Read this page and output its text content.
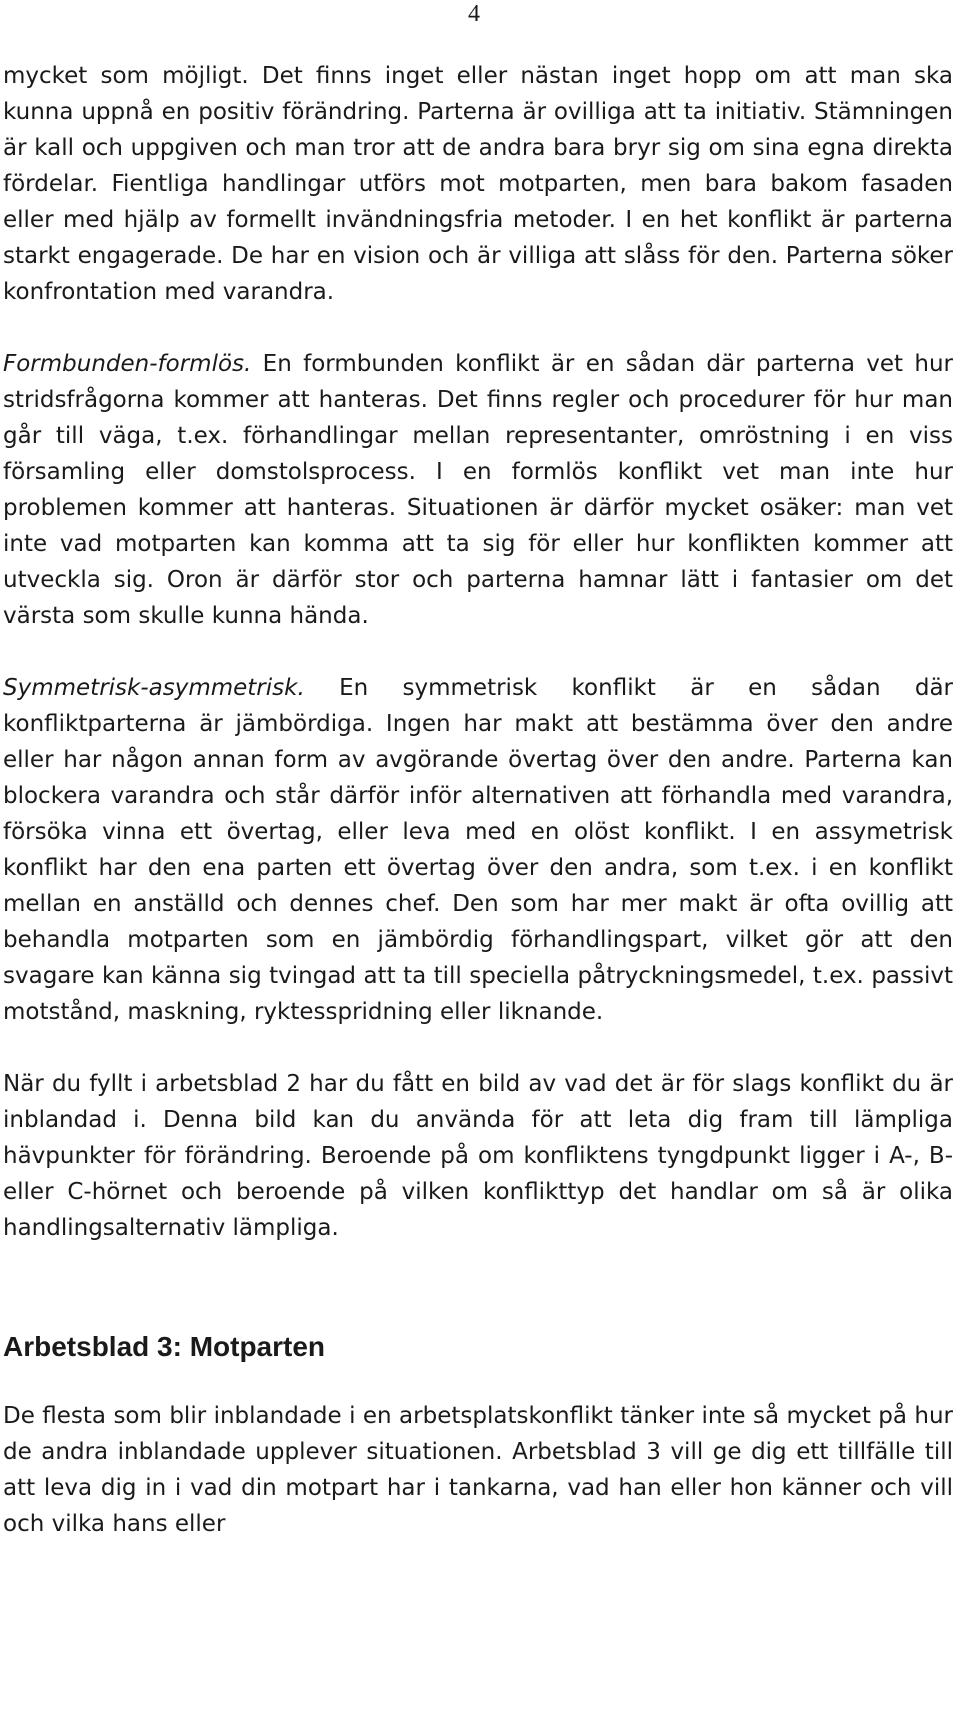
4

mycket som möjligt. Det finns inget eller nästan inget hopp om att man ska kunna uppnå en positiv förändring. Parterna är ovilliga att ta initiativ. Stämningen är kall och uppgiven och man tror att de andra bara bryr sig om sina egna direkta fördelar. Fientliga handlingar utförs mot motparten, men bara bakom fasaden eller med hjälp av formellt invändningsfria metoder. I en het konflikt är parterna starkt engagerade. De har en vision och är villiga att slåss för den. Parterna söker konfrontation med varandra.

Formbunden-formlös. En formbunden konflikt är en sådan där parterna vet hur stridsfrågorna kommer att hanteras. Det finns regler och procedurer för hur man går till väga, t.ex. förhandlingar mellan representanter, omröstning i en viss församling eller domstolsprocess. I en formlös konflikt vet man inte hur problemen kommer att hanteras. Situationen är därför mycket osäker: man vet inte vad motparten kan komma att ta sig för eller hur konflikten kommer att utveckla sig. Oron är därför stor och parterna hamnar lätt i fantasier om det värsta som skulle kunna hända.

Symmetrisk-asymmetrisk. En symmetrisk konflikt är en sådan där konfliktparterna är jämbördiga. Ingen har makt att bestämma över den andre eller har någon annan form av avgörande övertag över den andre. Parterna kan blockera varandra och står därför inför alternativen att förhandla med varandra, försöka vinna ett övertag, eller leva med en olöst konflikt. I en assymetrisk konflikt har den ena parten ett övertag över den andra, som t.ex. i en konflikt mellan en anställd och dennes chef. Den som har mer makt är ofta ovillig att behandla motparten som en jämbördig förhandlingspart, vilket gör att den svagare kan känna sig tvingad att ta till speciella påtryckningsmedel, t.ex. passivt motstånd, maskning, ryktesspridning eller liknande.

När du fyllt i arbetsblad 2 har du fått en bild av vad det är för slags konflikt du är inblandad i. Denna bild kan du använda för att leta dig fram till lämpliga hävpunkter för förändring. Beroende på om konfliktens tyngdpunkt ligger i A-, B- eller C-hörnet och beroende på vilken konflikttyp det handlar om så är olika handlingsalternativ lämpliga.

Arbetsblad 3: Motparten

De flesta som blir inblandade i en arbetsplatskonflikt tänker inte så mycket på hur de andra inblandade upplever situationen. Arbetsblad 3 vill ge dig ett tillfälle till att leva dig in i vad din motpart har i tankarna, vad han eller hon känner och vill och vilka hans eller
